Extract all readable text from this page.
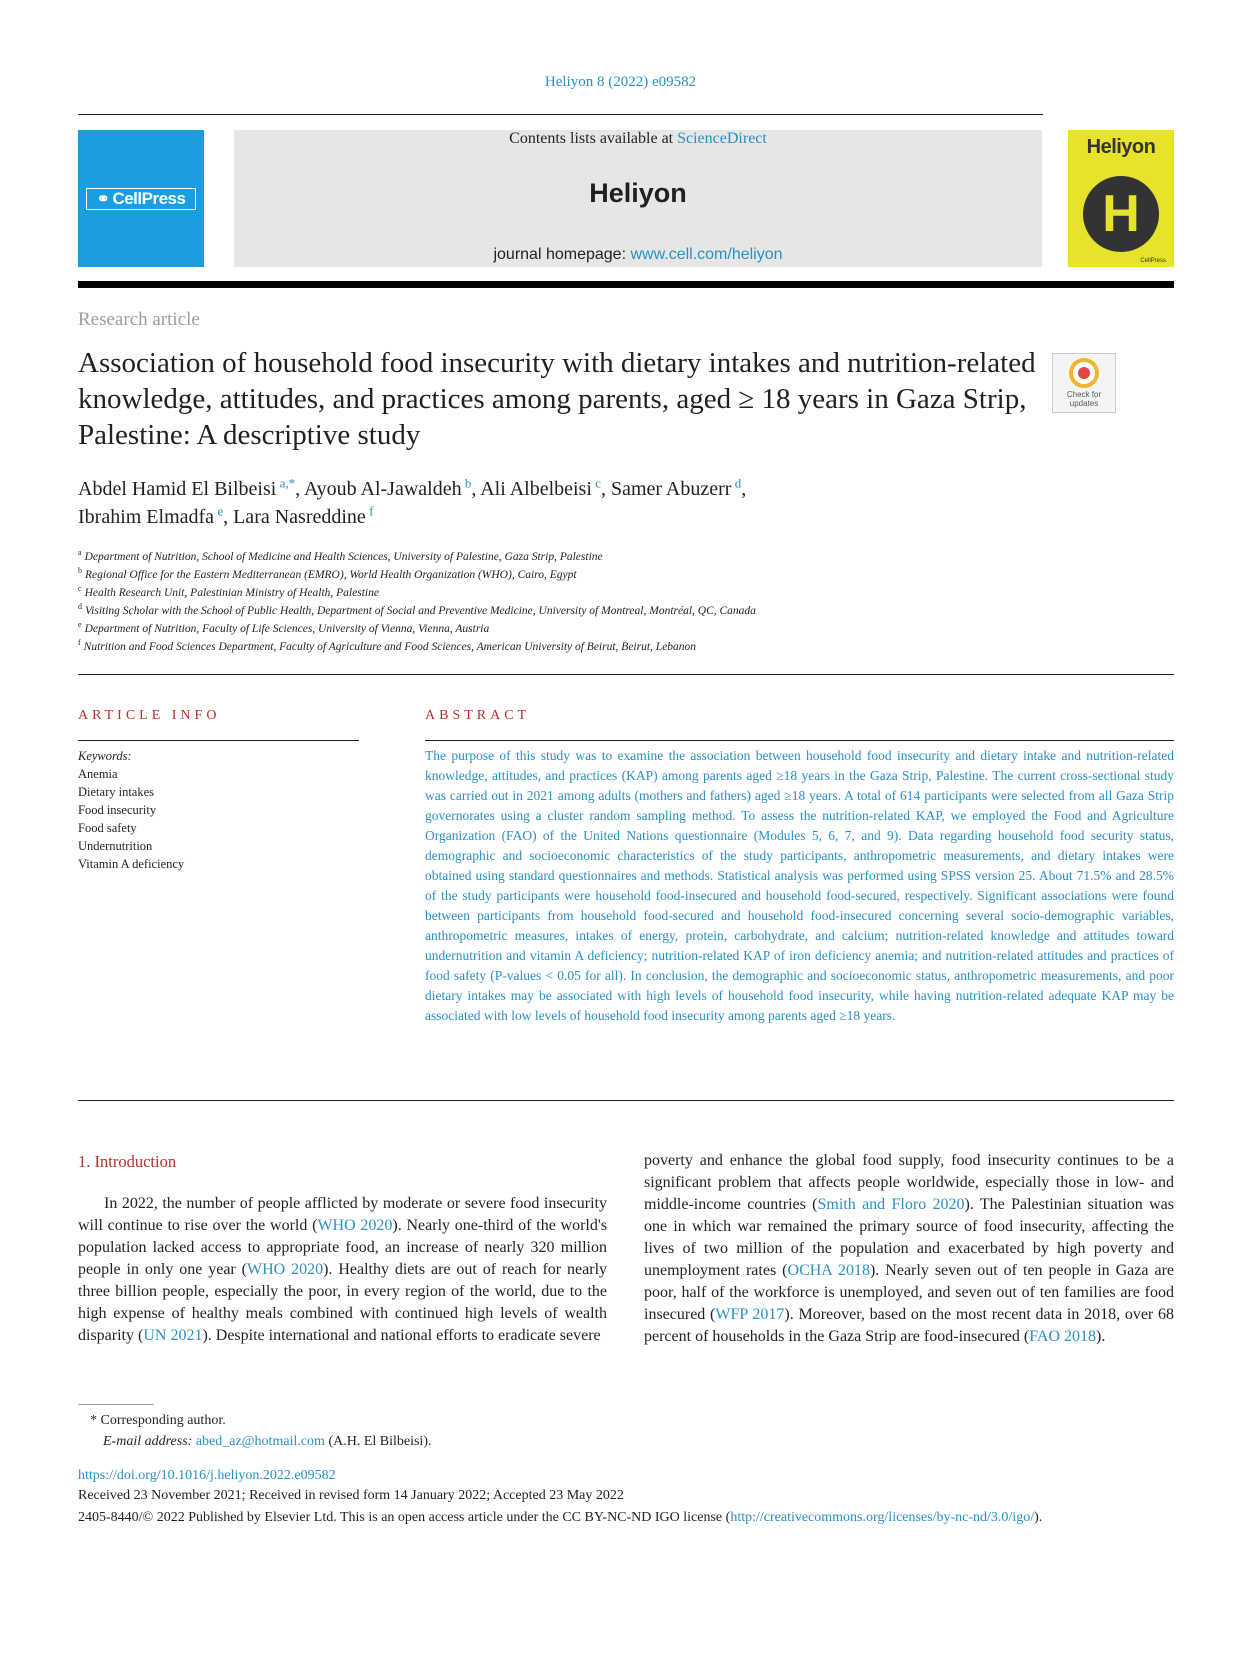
Heliyon 8 (2022) e09582
⚭ CellPress
Contents lists available at ScienceDirect
Heliyon
journal homepage: www.cell.com/heliyon
Heliyon
H
CellPress
Research article
Association of household food insecurity with dietary intakes and nutrition-related knowledge, attitudes, and practices among parents, aged ≥ 18 years in Gaza Strip, Palestine: A descriptive study
Check for
updates
Abdel Hamid El Bilbeisi $^{a,*}$, Ayoub Al-Jawaldeh $^b$, Ali Albelbeisi $^c$, Samer Abuzerr $^d$,
Ibrahim Elmadfa $^e$, Lara Nasreddine $^f$
$^a$ Department of Nutrition, School of Medicine and Health Sciences, University of Palestine, Gaza Strip, Palestine
$^b$ Regional Office for the Eastern Mediterranean (EMRO), World Health Organization (WHO), Cairo, Egypt
$^c$ Health Research Unit, Palestinian Ministry of Health, Palestine
$^d$ Visiting Scholar with the School of Public Health, Department of Social and Preventive Medicine, University of Montreal, Montréal, QC, Canada
$^e$ Department of Nutrition, Faculty of Life Sciences, University of Vienna, Vienna, Austria
$^f$ Nutrition and Food Sciences Department, Faculty of Agriculture and Food Sciences, American University of Beirut, Beirut, Lebanon
ARTICLE INFO
Keywords:
Anemia
Dietary intakes
Food insecurity
Food safety
Undernutrition
Vitamin A deficiency
ABSTRACT
The purpose of this study was to examine the association between household food insecurity and dietary intake and nutrition-related knowledge, attitudes, and practices (KAP) among parents aged ≥18 years in the Gaza Strip, Palestine. The current cross-sectional study was carried out in 2021 among adults (mothers and fathers) aged ≥18 years. A total of 614 participants were selected from all Gaza Strip governorates using a cluster random sampling method. To assess the nutrition-related KAP, we employed the Food and Agriculture Organization (FAO) of the United Nations questionnaire (Modules 5, 6, 7, and 9). Data regarding household food security status, demographic and socioeconomic characteristics of the study participants, anthropometric measurements, and dietary intakes were obtained using standard questionnaires and methods. Statistical analysis was performed using SPSS version 25. About 71.5% and 28.5% of the study participants were household food-insecured and household food-secured, respectively. Significant associations were found between participants from household food-secured and household food-insecured concerning several socio-demographic variables, anthropometric measures, intakes of energy, protein, carbohydrate, and calcium; nutrition-related knowledge and attitudes toward undernutrition and vitamin A deficiency; nutrition-related KAP of iron deficiency anemia; and nutrition-related attitudes and practices of food safety (P-values < 0.05 for all). In conclusion, the demographic and socioeconomic status, anthropometric measurements, and poor dietary intakes may be associated with high levels of household food insecurity, while having nutrition-related adequate KAP may be associated with low levels of household food insecurity among parents aged ≥18 years.
1. Introduction
In 2022, the number of people afflicted by moderate or severe food insecurity will continue to rise over the world (WHO 2020). Nearly one-third of the world's population lacked access to appropriate food, an increase of nearly 320 million people in only one year (WHO 2020). Healthy diets are out of reach for nearly three billion people, especially the poor, in every region of the world, due to the high expense of healthy meals combined with continued high levels of wealth disparity (UN 2021). Despite international and national efforts to eradicate severe
poverty and enhance the global food supply, food insecurity continues to be a significant problem that affects people worldwide, especially those in low- and middle-income countries (Smith and Floro 2020). The Palestinian situation was one in which war remained the primary source of food insecurity, affecting the lives of two million of the population and exacerbated by high poverty and unemployment rates (OCHA 2018). Nearly seven out of ten people in Gaza are poor, half of the workforce is unemployed, and seven out of ten families are food insecured (WFP 2017). Moreover, based on the most recent data in 2018, over 68 percent of households in the Gaza Strip are food-insecured (FAO 2018).
* Corresponding author.
E-mail address: abed_az@hotmail.com (A.H. El Bilbeisi).
https://doi.org/10.1016/j.heliyon.2022.e09582
Received 23 November 2021; Received in revised form 14 January 2022; Accepted 23 May 2022
2405-8440/© 2022 Published by Elsevier Ltd. This is an open access article under the CC BY-NC-ND IGO license (http://creativecommons.org/licenses/by-nc-nd/3.0/igo/).
